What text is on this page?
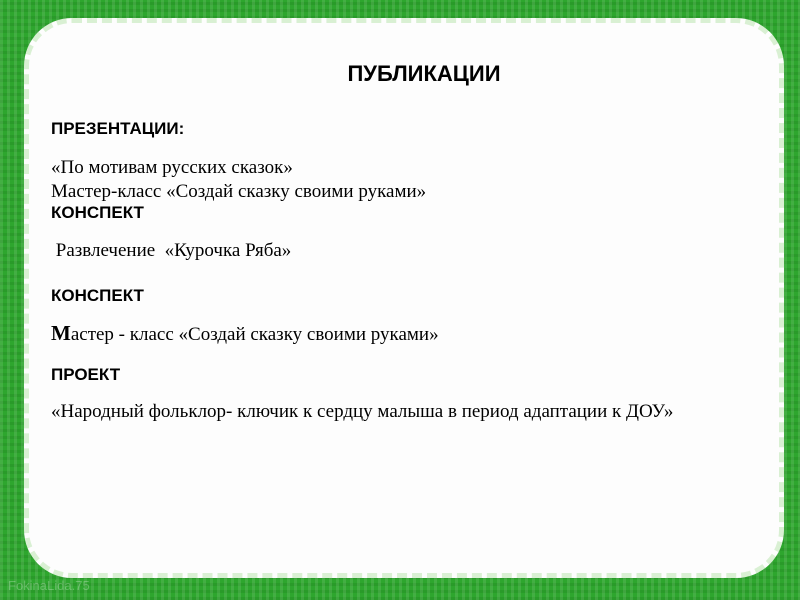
ПУБЛИКАЦИИ

ПРЕЗЕНТАЦИИ:

«По мотивам русских сказок»

Мастер-класс «Создай сказку своими руками»

КОНСПЕКТ

Развлечение  «Курочка Ряба»

КОНСПЕКТ

Мастер - класс «Создай сказку своими руками»

ПРОЕКТ

«Народный фольклор- ключик к сердцу малыша в период адаптации к ДОУ»

FokinaLida.75
